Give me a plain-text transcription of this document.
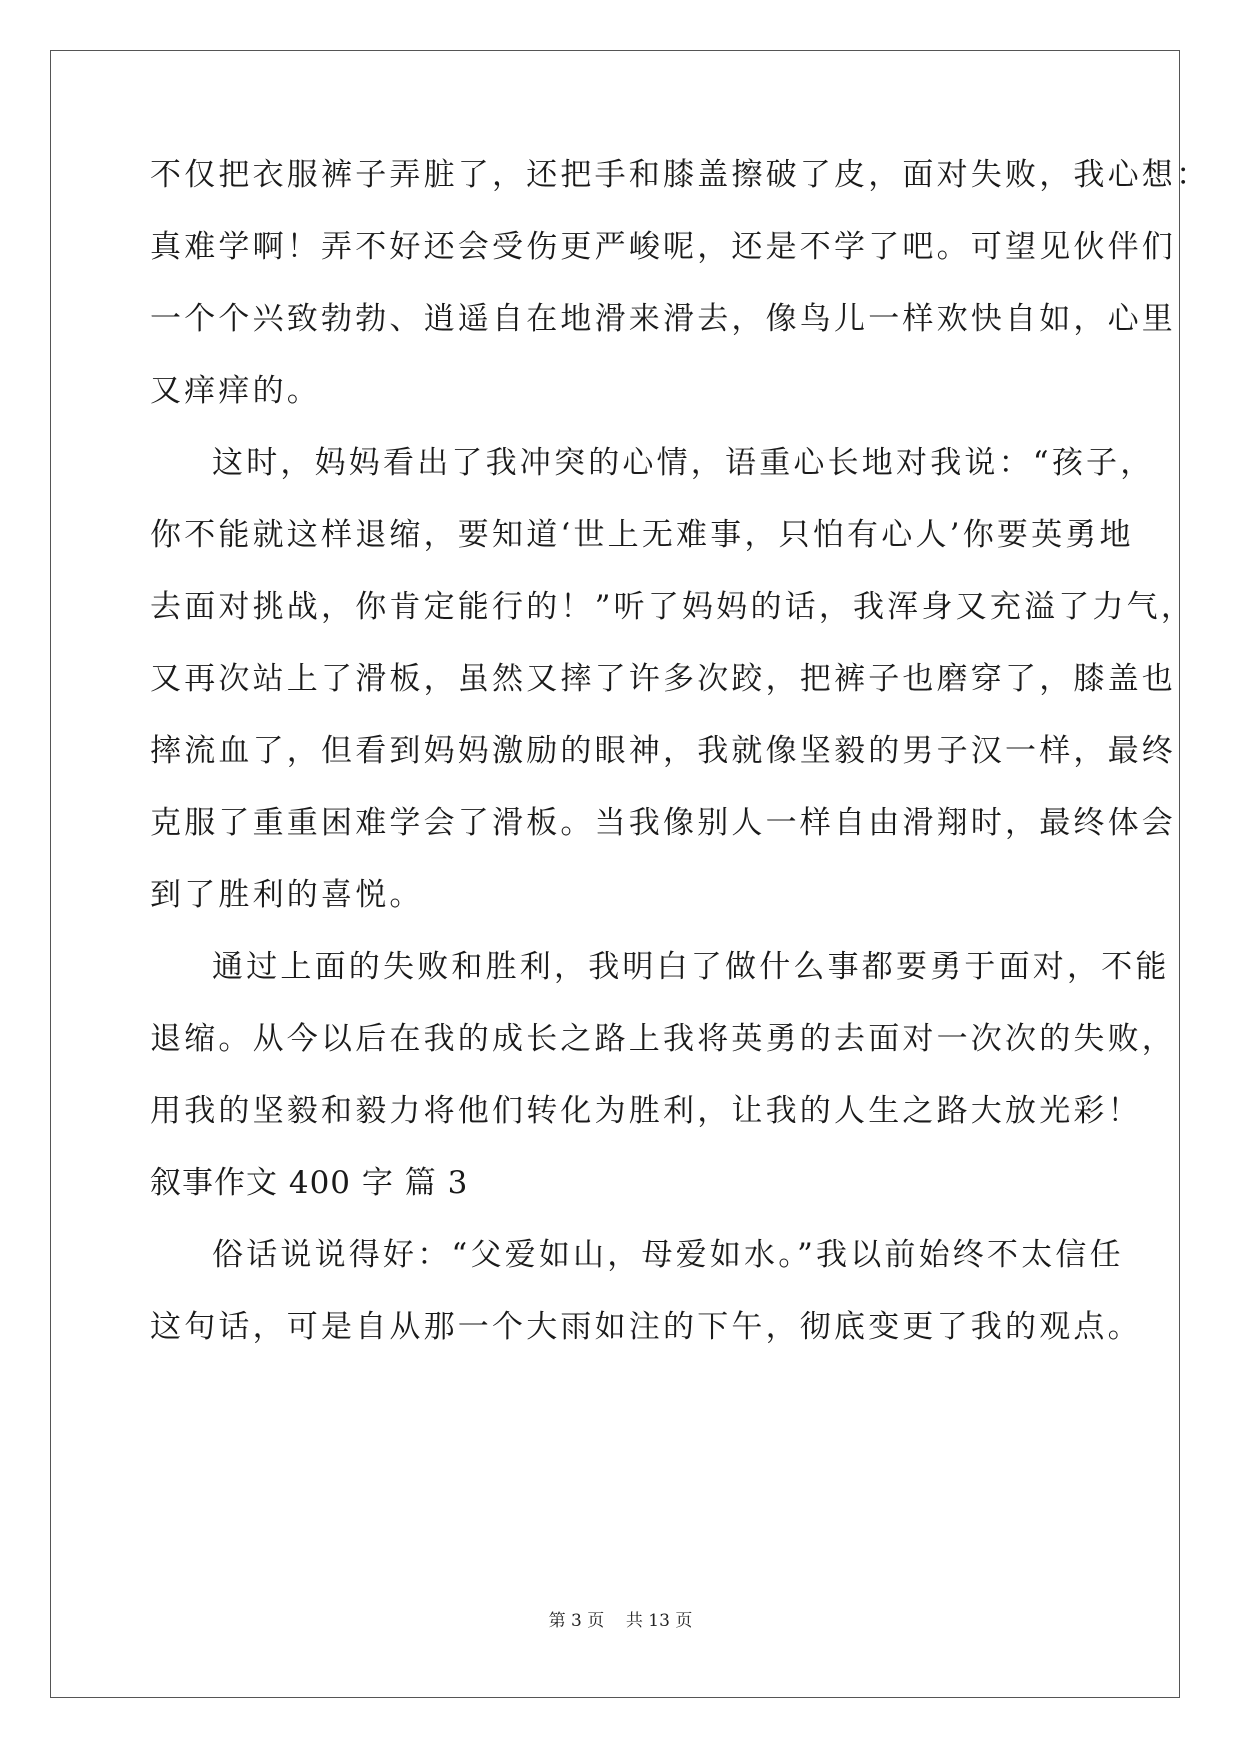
不仅把衣服裤子弄脏了，还把手和膝盖擦破了皮，面对失败，我心想：
真难学啊！弄不好还会受伤更严峻呢，还是不学了吧。可望见伙伴们
一个个兴致勃勃、逍遥自在地滑来滑去，像鸟儿一样欢快自如，心里
又痒痒的。
这时，妈妈看出了我冲突的心情，语重心长地对我说：“孩子，
你不能就这样退缩，要知道‘世上无难事，只怕有心人’你要英勇地
去面对挑战，你肯定能行的！”听了妈妈的话，我浑身又充溢了力气，
又再次站上了滑板，虽然又摔了许多次跤，把裤子也磨穿了，膝盖也
摔流血了，但看到妈妈激励的眼神，我就像坚毅的男子汉一样，最终
克服了重重困难学会了滑板。当我像别人一样自由滑翔时，最终体会
到了胜利的喜悦。
通过上面的失败和胜利，我明白了做什么事都要勇于面对，不能
退缩。从今以后在我的成长之路上我将英勇的去面对一次次的失败，
用我的坚毅和毅力将他们转化为胜利，让我的人生之路大放光彩！
叙事作文 400 字 篇 3
俗话说说得好：“父爱如山，母爱如水。”我以前始终不太信任
这句话，可是自从那一个大雨如注的下午，彻底变更了我的观点。
第 3 页    共 13 页
